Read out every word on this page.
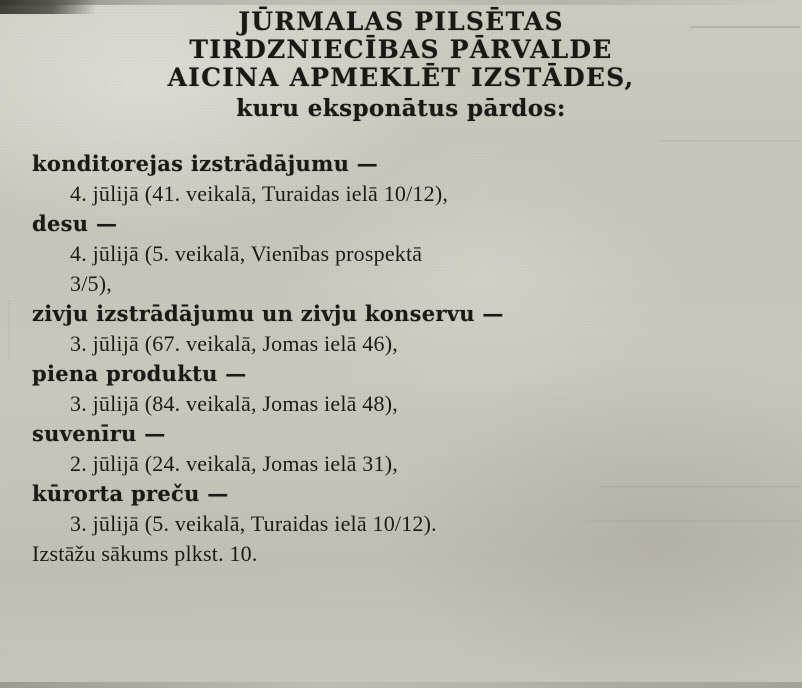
JŪRMALAS PILSĒTAS
TIRDZNIECĪBAS PĀRVALDE
AICINA APMEKLĒT IZSTĀDES,
kuru eksponātus pārdos:
konditorejas izstrādājumu —
4. jūlijā (41. veikalā, Turaidas ielā 10/12),
desu —
4. jūlijā (5. veikalā, Vienības prospektā
3/5),
zivju izstrādājumu un zivju konservu —
3. jūlijā (67. veikalā, Jomas ielā 46),
piena produktu —
3. jūlijā (84. veikalā, Jomas ielā 48),
suvenīru —
2. jūlijā (24. veikalā, Jomas ielā 31),
kūrorta preču —
3. jūlijā (5. veikalā, Turaidas ielā 10/12).
Izstāžu sākums plkst. 10.
